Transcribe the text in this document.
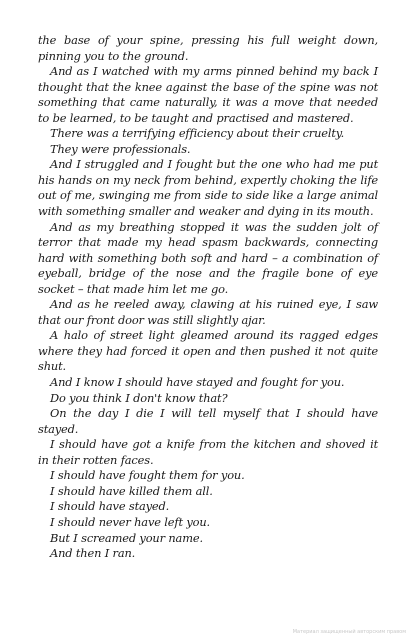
the base of your spine, pressing his full weight down, pinning you to the ground.

And as I watched with my arms pinned behind my back I thought that the knee against the base of the spine was not something that came naturally, it was a move that needed to be learned, to be taught and practised and mastered.

There was a terrifying efficiency about their cruelty.

They were professionals.

And I struggled and I fought but the one who had me put his hands on my neck from behind, expertly choking the life out of me, swinging me from side to side like a large animal with something smaller and weaker and dying in its mouth.

And as my breathing stopped it was the sudden jolt of terror that made my head spasm backwards, connecting hard with something both soft and hard – a combination of eyeball, bridge of the nose and the fragile bone of eye socket – that made him let me go.

And as he reeled away, clawing at his ruined eye, I saw that our front door was still slightly ajar.

A halo of street light gleamed around its ragged edges where they had forced it open and then pushed it not quite shut.

And I know I should have stayed and fought for you.

Do you think I don't know that?

On the day I die I will tell myself that I should have stayed.

I should have got a knife from the kitchen and shoved it in their rotten faces.

I should have fought them for you.

I should have killed them all.

I should have stayed.

I should never have left you.

But I screamed your name.

And then I ran.

Материал защищенный авторским правом
